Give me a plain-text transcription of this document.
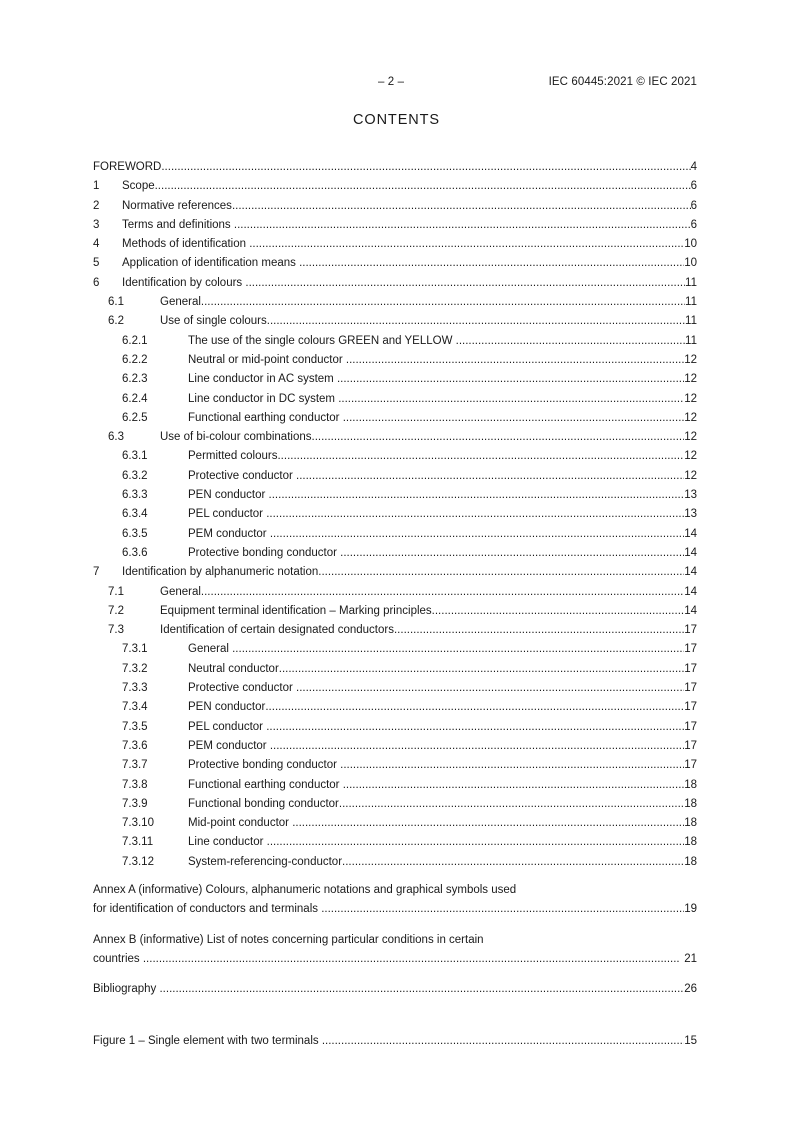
– 2 –	IEC 60445:2021 © IEC 2021
CONTENTS
FOREWORD .....	4
1	Scope .....	6
2	Normative references .....	6
3	Terms and definitions .....	6
4	Methods of identification .....	10
5	Application of identification means .....	10
6	Identification by colours .....	11
6.1	General .....	11
6.2	Use of single colours .....	11
6.2.1	The use of the single colours GREEN and YELLOW .....	11
6.2.2	Neutral or mid-point conductor .....	12
6.2.3	Line conductor in AC system .....	12
6.2.4	Line conductor in DC system .....	12
6.2.5	Functional earthing conductor .....	12
6.3	Use of bi-colour combinations .....	12
6.3.1	Permitted colours .....	12
6.3.2	Protective conductor .....	12
6.3.3	PEN conductor .....	13
6.3.4	PEL conductor .....	13
6.3.5	PEM conductor .....	14
6.3.6	Protective bonding conductor .....	14
7	Identification by alphanumeric notation .....	14
7.1	General .....	14
7.2	Equipment terminal identification – Marking principles .....	14
7.3	Identification of certain designated conductors .....	17
7.3.1	General .....	17
7.3.2	Neutral conductor .....	17
7.3.3	Protective conductor .....	17
7.3.4	PEN conductor .....	17
7.3.5	PEL conductor .....	17
7.3.6	PEM conductor .....	17
7.3.7	Protective bonding conductor .....	17
7.3.8	Functional earthing conductor .....	18
7.3.9	Functional bonding conductor .....	18
7.3.10	Mid-point conductor .....	18
7.3.11	Line conductor .....	18
7.3.12	System-referencing-conductor .....	18
Annex A (informative) Colours, alphanumeric notations and graphical symbols used
for identification of conductors and terminals .....	19
Annex B (informative) List of notes concerning particular conditions in certain
countries .....	21
Bibliography .....	26
Figure 1 – Single element with two terminals .....	15
